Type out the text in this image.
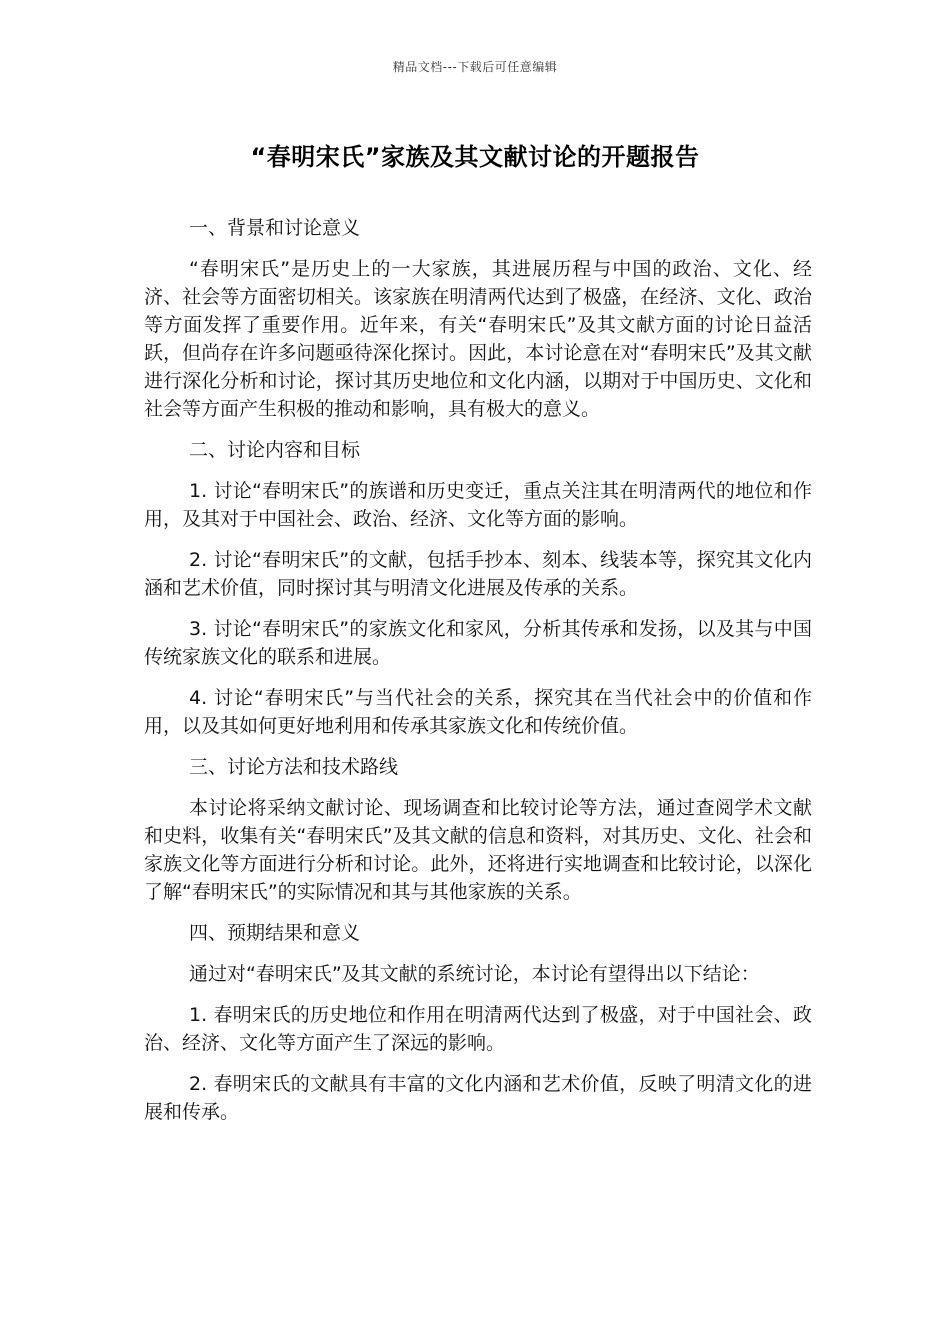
精品文档---下载后可任意编辑
“春明宋氏”家族及其文献讨论的开题报告

一、背景和讨论意义

“春明宋氏”是历史上的一大家族，其进展历程与中国的政治、文化、经济、社会等方面密切相关。该家族在明清两代达到了极盛，在经济、文化、政治等方面发挥了重要作用。近年来，有关“春明宋氏”及其文献方面的讨论日益活跃，但尚存在许多问题亟待深化探讨。因此，本讨论意在对“春明宋氏”及其文献进行深化分析和讨论，探讨其历史地位和文化内涵，以期对于中国历史、文化和社会等方面产生积极的推动和影响，具有极大的意义。

二、讨论内容和目标

1. 讨论“春明宋氏”的族谱和历史变迁，重点关注其在明清两代的地位和作用，及其对于中国社会、政治、经济、文化等方面的影响。

2. 讨论“春明宋氏”的文献，包括手抄本、刻本、线装本等，探究其文化内涵和艺术价值，同时探讨其与明清文化进展及传承的关系。

3. 讨论“春明宋氏”的家族文化和家风，分析其传承和发扬，以及其与中国传统家族文化的联系和进展。

4. 讨论“春明宋氏”与当代社会的关系，探究其在当代社会中的价值和作用，以及其如何更好地利用和传承其家族文化和传统价值。

三、讨论方法和技术路线

本讨论将采纳文献讨论、现场调查和比较讨论等方法，通过查阅学术文献和史料，收集有关“春明宋氏”及其文献的信息和资料，对其历史、文化、社会和家族文化等方面进行分析和讨论。此外，还将进行实地调查和比较讨论，以深化了解“春明宋氏”的实际情况和其与其他家族的关系。

四、预期结果和意义

通过对“春明宋氏”及其文献的系统讨论，本讨论有望得出以下结论：

1. 春明宋氏的历史地位和作用在明清两代达到了极盛，对于中国社会、政治、经济、文化等方面产生了深远的影响。

2. 春明宋氏的文献具有丰富的文化内涵和艺术价值，反映了明清文化的进展和传承。
